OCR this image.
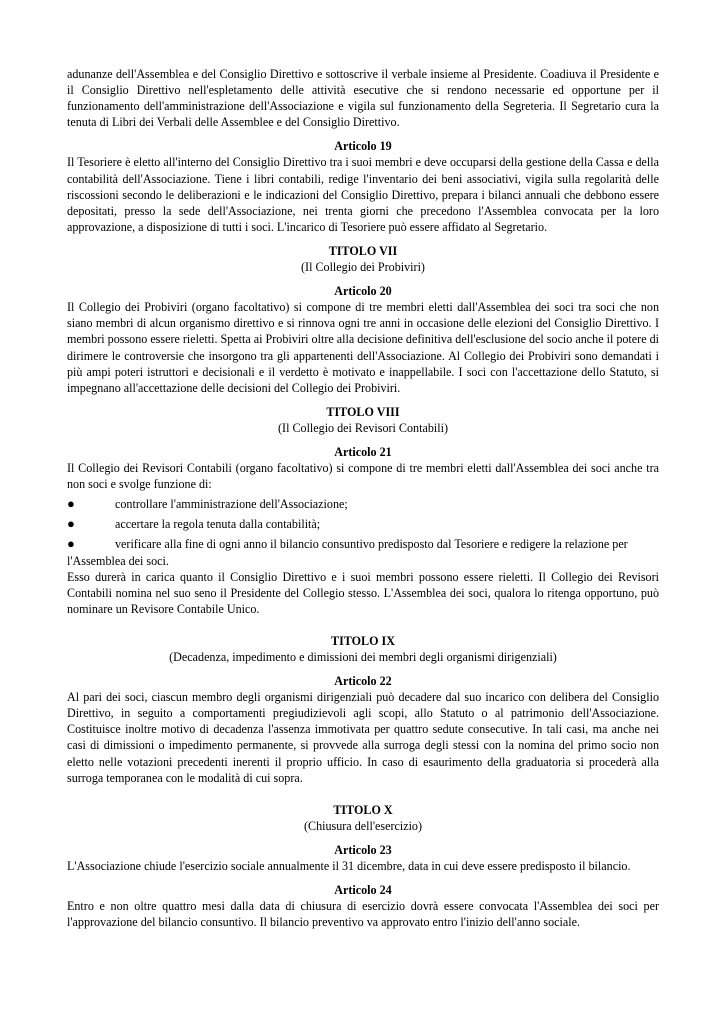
adunanze dell'Assemblea e del Consiglio Direttivo e sottoscrive il verbale insieme al Presidente. Coadiuva il Presidente e il Consiglio Direttivo nell'espletamento delle attività esecutive che si rendono necessarie ed opportune per il funzionamento dell'amministrazione dell'Associazione e vigila sul funzionamento della Segreteria. Il Segretario cura la tenuta di Libri dei Verbali delle Assemblee e del Consiglio Direttivo.

Articolo 19

Il Tesoriere è eletto all'interno del Consiglio Direttivo tra i suoi membri e deve occuparsi della gestione della Cassa e della contabilità dell'Associazione. Tiene i libri contabili, redige l'inventario dei beni associativi, vigila sulla regolarità delle riscossioni secondo le deliberazioni e le indicazioni del Consiglio Direttivo, prepara i bilanci annuali che debbono essere depositati, presso la sede dell'Associazione, nei trenta giorni che precedono l'Assemblea convocata per la loro approvazione, a disposizione di tutti i soci. L'incarico di Tesoriere può essere affidato al Segretario.

TITOLO VII

(Il Collegio dei Probiviri)

Articolo 20

Il Collegio dei Probiviri (organo facoltativo) si compone di tre membri eletti dall'Assemblea dei soci tra soci che non siano membri di alcun organismo direttivo e si rinnova ogni tre anni in occasione delle elezioni del Consiglio Direttivo. I membri possono essere rieletti. Spetta ai Probiviri oltre alla decisione definitiva dell'esclusione del socio anche il potere di dirimere le controversie che insorgono tra gli appartenenti dell'Associazione. Al Collegio dei Probiviri sono demandati i più ampi poteri istruttori e decisionali e il verdetto è motivato e inappellabile. I soci con l'accettazione dello Statuto, si impegnano all'accettazione delle decisioni del Collegio dei Probiviri.

TITOLO VIII

(Il Collegio dei Revisori Contabili)

Articolo 21

Il Collegio dei Revisori Contabili (organo facoltativo) si compone di tre membri eletti dall'Assemblea dei soci anche tra non soci e svolge funzione di:

●	controllare l'amministrazione dell'Associazione;
●	accertare la regola tenuta dalla contabilità;
●	verificare alla fine di ogni anno il bilancio consuntivo predisposto dal Tesoriere e redigere la relazione per

l'Assemblea dei soci.

Esso durerà in carica quanto il Consiglio Direttivo e i suoi membri possono essere rieletti. Il Collegio dei Revisori Contabili nomina nel suo seno il Presidente del Collegio stesso. L'Assemblea dei soci, qualora lo ritenga opportuno, può nominare un Revisore Contabile Unico.

TITOLO IX

(Decadenza, impedimento e dimissioni dei membri degli organismi dirigenziali)

Articolo 22

Al pari dei soci, ciascun membro degli organismi dirigenziali può decadere dal suo incarico con delibera del Consiglio Direttivo, in seguito a comportamenti pregiudizievoli agli scopi, allo Statuto o al patrimonio dell'Associazione. Costituisce inoltre motivo di decadenza l'assenza immotivata per quattro sedute consecutive. In tali casi, ma anche nei casi di dimissioni o impedimento permanente, si provvede alla surroga degli stessi con la nomina del primo socio non eletto nelle votazioni precedenti inerenti il proprio ufficio. In caso di esaurimento della graduatoria si procederà alla surroga temporanea con le modalità di cui sopra.

TITOLO X

(Chiusura dell'esercizio)

Articolo 23

L'Associazione chiude l'esercizio sociale annualmente il 31 dicembre, data in cui deve essere predisposto il bilancio.

Articolo 24

Entro e non oltre quattro mesi dalla data di chiusura di esercizio dovrà essere convocata l'Assemblea dei soci per l'approvazione del bilancio consuntivo. Il bilancio preventivo va approvato entro l'inizio dell'anno sociale.
